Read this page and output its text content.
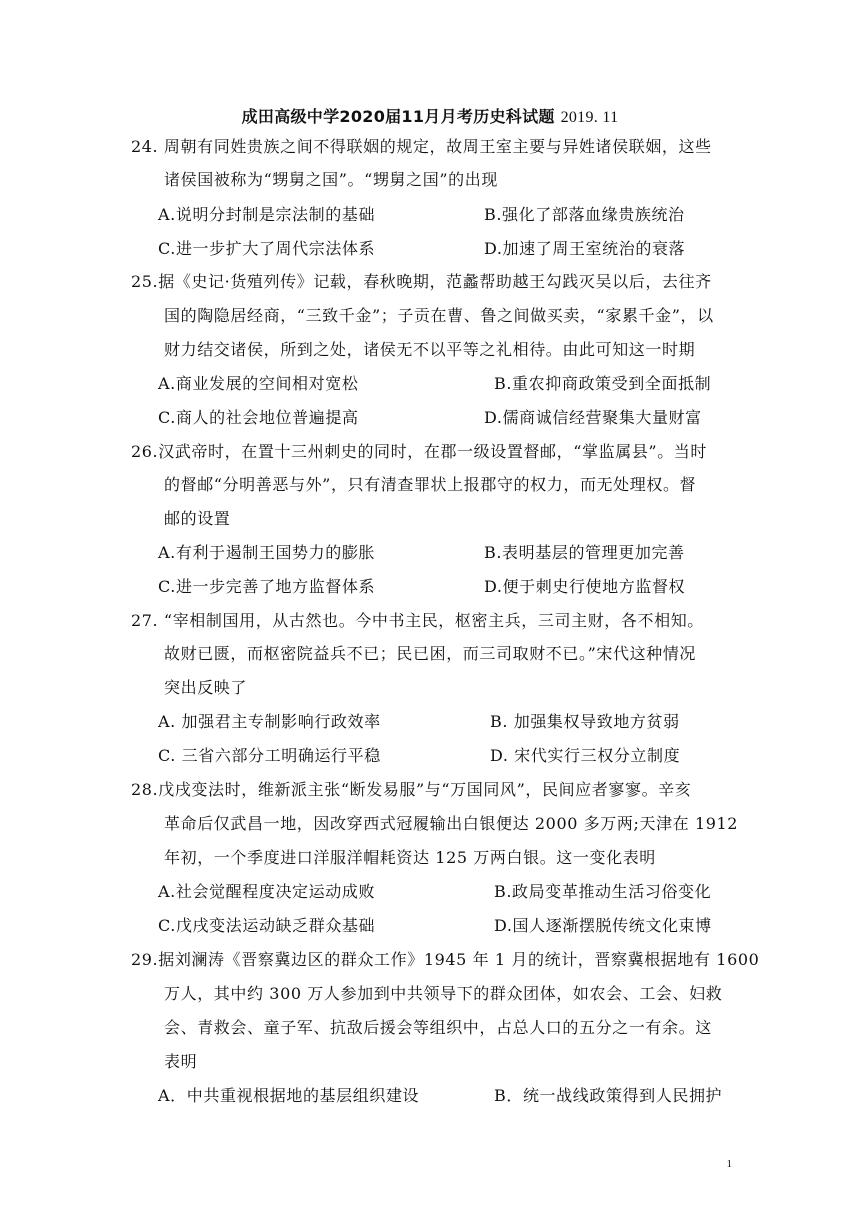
成田高级中学2020届11月月考历史科试题 2019. 11
24. 周朝有同姓贵族之间不得联姻的规定，故周王室主要与异姓诸侯联姻，这些
诸侯国被称为“甥舅之国”。“甥舅之国”的出现
A.说明分封制是宗法制的基础	B.强化了部落血缘贵族统治
C.进一步扩大了周代宗法体系	D.加速了周王室统治的衰落
25.据《史记·货殖列传》记载，春秋晚期，范蠡帮助越王勾践灭吴以后，去往齐
国的陶隐居经商，“三致千金”；子贡在曹、鲁之间做买卖，“家累千金”，以
财力结交诸侯，所到之处，诸侯无不以平等之礼相待。由此可知这一时期
A.商业发展的空间相对宽松	B.重农抑商政策受到全面抵制
C.商人的社会地位普遍提高	D.儒商诚信经营聚集大量财富
26.汉武帝时，在置十三州刺史的同时，在郡一级设置督邮，“掌监属县”。当时
的督邮“分明善恶与外”，只有清查罪状上报郡守的权力，而无处理权。督
邮的设置
A.有利于遏制王国势力的膨胀	B.表明基层的管理更加完善
C.进一步完善了地方监督体系	D.便于刺史行使地方监督权
27. “宰相制国用，从古然也。今中书主民，枢密主兵，三司主财，各不相知。
故财已匮，而枢密院益兵不已；民已困，而三司取财不已。”宋代这种情况
突出反映了
A. 加强君主专制影响行政效率	B. 加强集权导致地方贫弱
C. 三省六部分工明确运行平稳	D. 宋代实行三权分立制度
28.戊戌变法时，维新派主张“断发易服”与“万国同风”，民间应者寥寥。辛亥
革命后仅武昌一地，因改穿西式冠履输出白银便达 2000 多万两;天津在 1912
年初，一个季度进口洋服洋帽耗资达 125 万两白银。这一变化表明
A.社会觉醒程度决定运动成败	B.政局变革推动生活习俗变化
C.戊戌变法运动缺乏群众基础	D.国人逐渐摆脱传统文化束博
29.据刘澜涛《晋察冀边区的群众工作》1945 年 1 月的统计，晋察冀根据地有 1600
万人，其中约 300 万人参加到中共领导下的群众团体，如农会、工会、妇救
会、青救会、童子军、抗敌后援会等组织中，占总人口的五分之一有余。这
表明
A．中共重视根据地的基层组织建设	B．统一战线政策得到人民拥护
1
